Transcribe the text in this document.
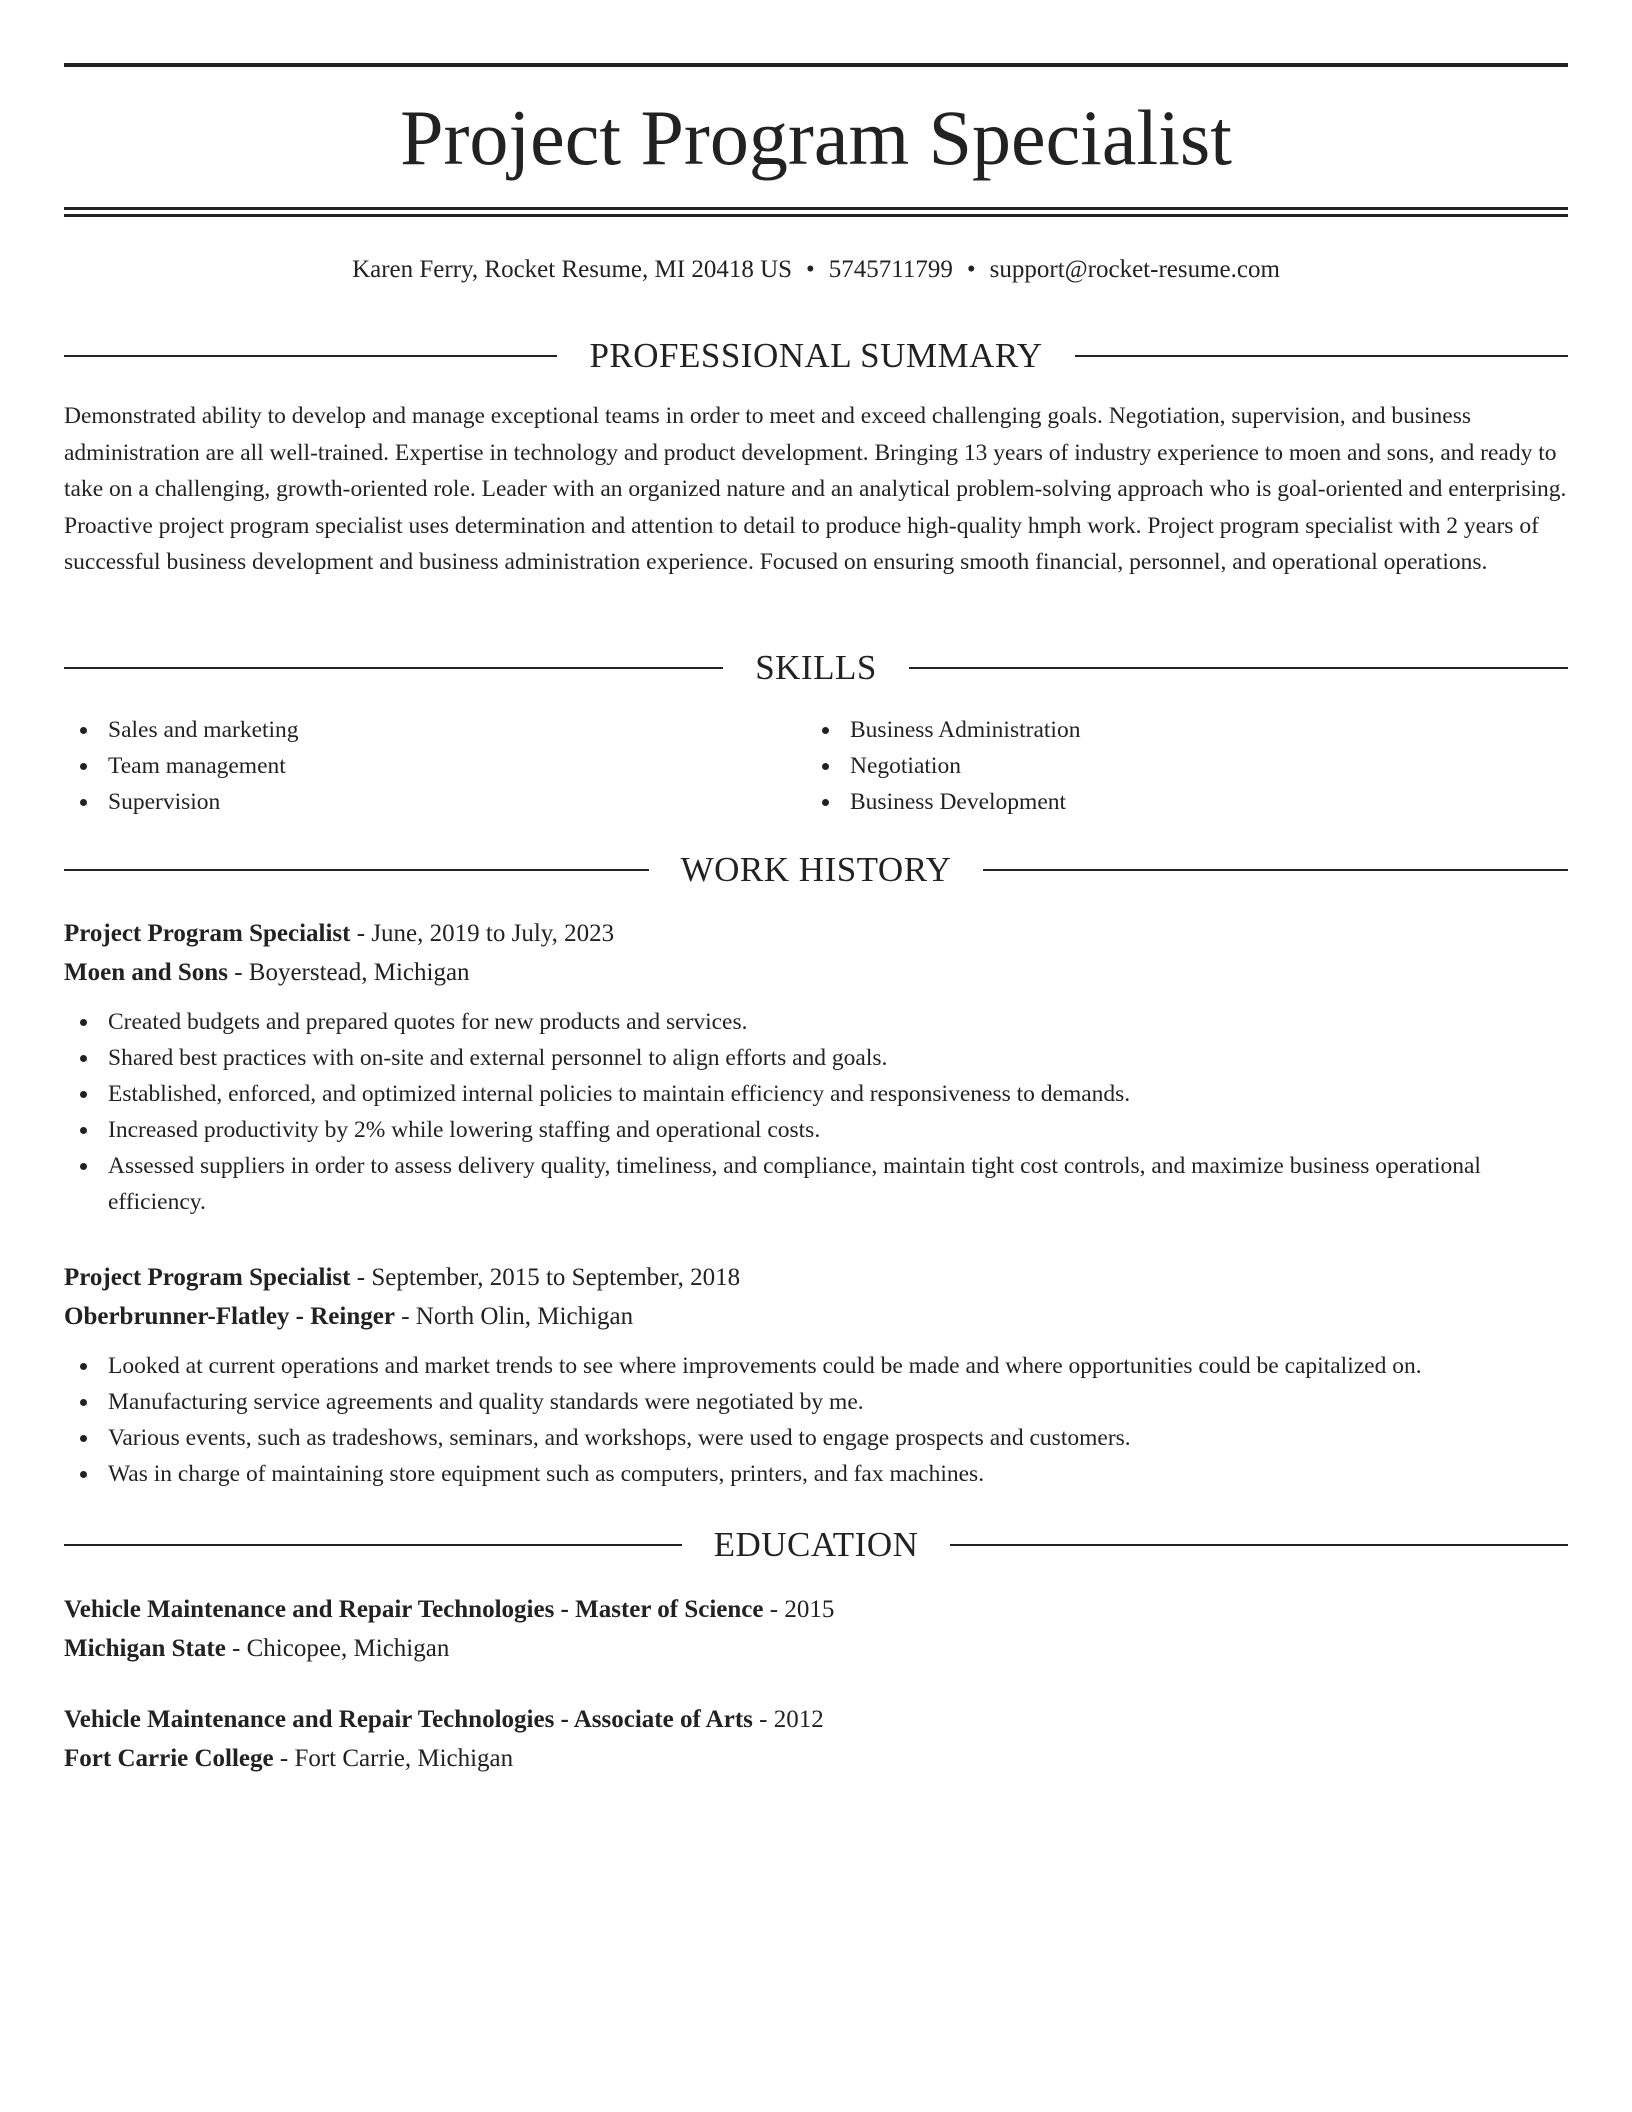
Project Program Specialist
Karen Ferry, Rocket Resume, MI 20418 US • 5745711799 • support@rocket-resume.com
PROFESSIONAL SUMMARY

Demonstrated ability to develop and manage exceptional teams in order to meet and exceed challenging goals. Negotiation, supervision, and business administration are all well-trained. Expertise in technology and product development. Bringing 13 years of industry experience to moen and sons, and ready to take on a challenging, growth-oriented role. Leader with an organized nature and an analytical problem-solving approach who is goal-oriented and enterprising. Proactive project program specialist uses determination and attention to detail to produce high-quality hmph work. Project program specialist with 2 years of successful business development and business administration experience. Focused on ensuring smooth financial, personnel, and operational operations.

SKILLS
Sales and marketing
Team management
Supervision
Business Administration
Negotiation
Business Development
WORK HISTORY
Project Program Specialist - June, 2019 to July, 2023
Moen and Sons - Boyerstead, Michigan
Created budgets and prepared quotes for new products and services.
Shared best practices with on-site and external personnel to align efforts and goals.
Established, enforced, and optimized internal policies to maintain efficiency and responsiveness to demands.
Increased productivity by 2% while lowering staffing and operational costs.
Assessed suppliers in order to assess delivery quality, timeliness, and compliance, maintain tight cost controls, and maximize business operational efficiency.
Project Program Specialist - September, 2015 to September, 2018
Oberbrunner-Flatley - Reinger - North Olin, Michigan
Looked at current operations and market trends to see where improvements could be made and where opportunities could be capitalized on.
Manufacturing service agreements and quality standards were negotiated by me.
Various events, such as tradeshows, seminars, and workshops, were used to engage prospects and customers.
Was in charge of maintaining store equipment such as computers, printers, and fax machines.
EDUCATION
Vehicle Maintenance and Repair Technologies - Master of Science - 2015
Michigan State - Chicopee, Michigan
Vehicle Maintenance and Repair Technologies - Associate of Arts - 2012
Fort Carrie College - Fort Carrie, Michigan
